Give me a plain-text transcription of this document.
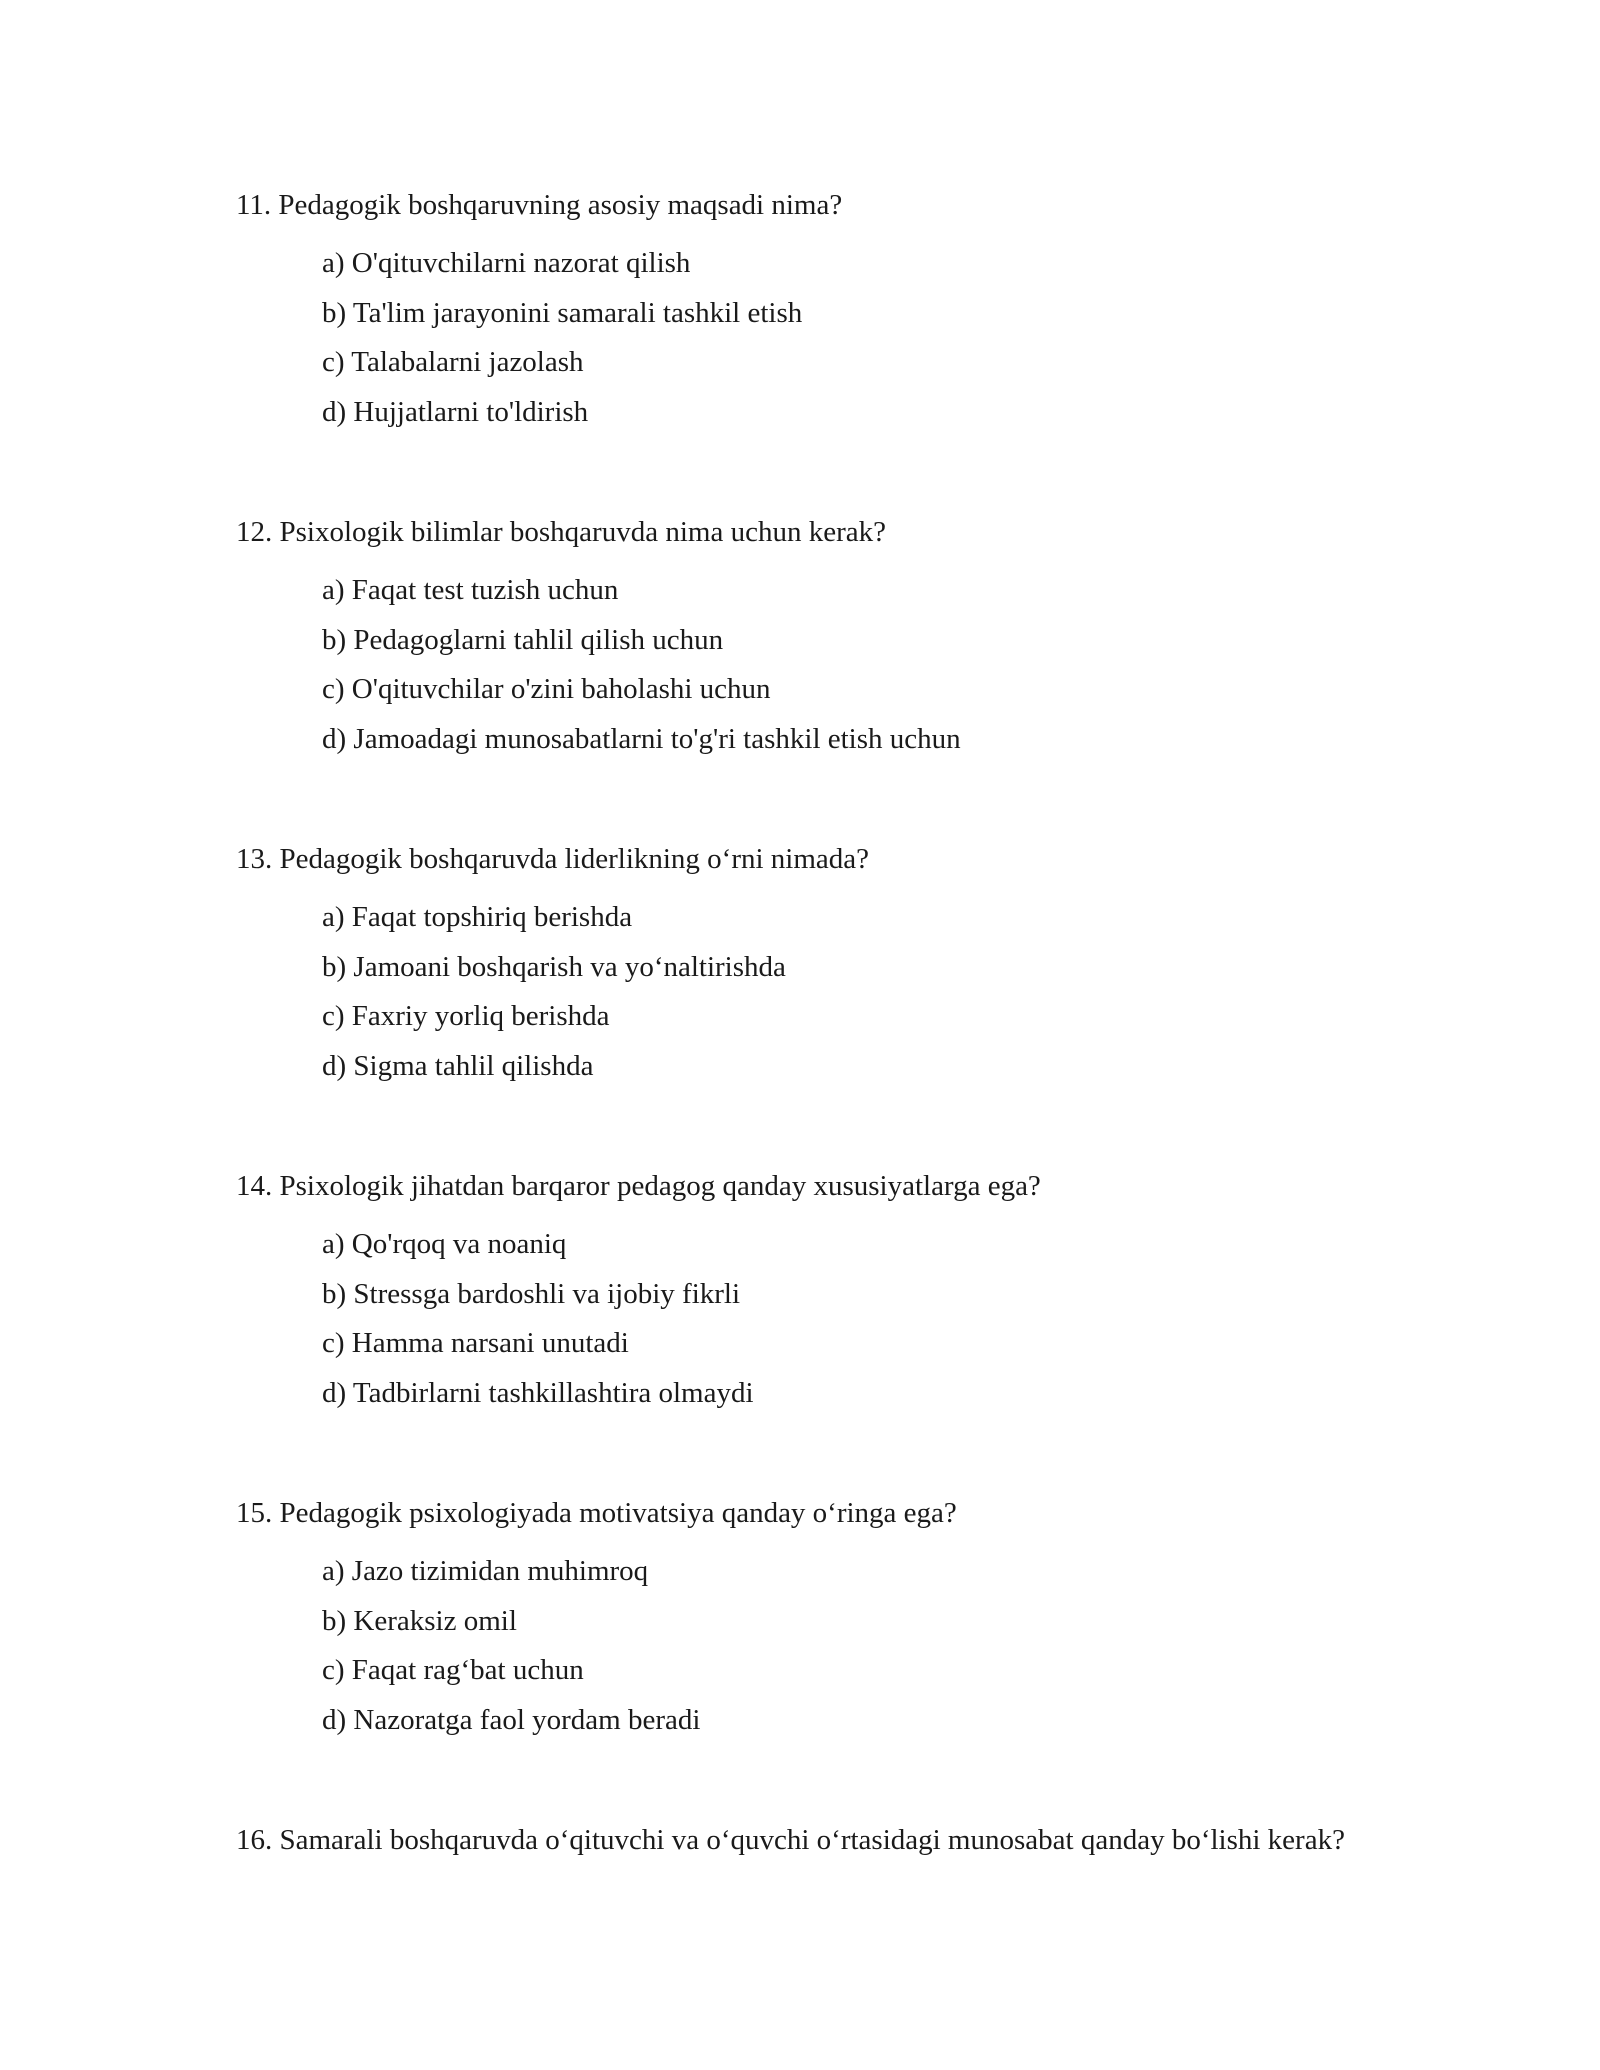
11. Pedagogik boshqaruvning asosiy maqsadi nima?

a) O'qituvchilarni nazorat qilish
b) Ta'lim jarayonini samarali tashkil etish
c) Talabalarni jazolash
d) Hujjatlarni to'ldirish

12. Psixologik bilimlar boshqaruvda nima uchun kerak?

a) Faqat test tuzish uchun
b) Pedagoglarni tahlil qilish uchun
c) O'qituvchilar o'zini baholashi uchun
d) Jamoadagi munosabatlarni to'g'ri tashkil etish uchun

13. Pedagogik boshqaruvda liderlikning o‘rni nimada?

a) Faqat topshiriq berishda
b) Jamoani boshqarish va yo‘naltirishda
c) Faxriy yorliq berishda
d) Sigma tahlil qilishda

14. Psixologik jihatdan barqaror pedagog qanday xususiyatlarga ega?

a) Qo'rqoq va noaniq
b) Stressga bardoshli va ijobiy fikrli
c) Hamma narsani unutadi
d) Tadbirlarni tashkillashtira olmaydi

15. Pedagogik psixologiyada motivatsiya qanday o‘ringa ega?

a) Jazo tizimidan muhimroq
b) Keraksiz omil
c) Faqat rag‘bat uchun
d) Nazoratga faol yordam beradi

16. Samarali boshqaruvda o‘qituvchi va o‘quvchi o‘rtasidagi munosabat qanday bo‘lishi kerak?
